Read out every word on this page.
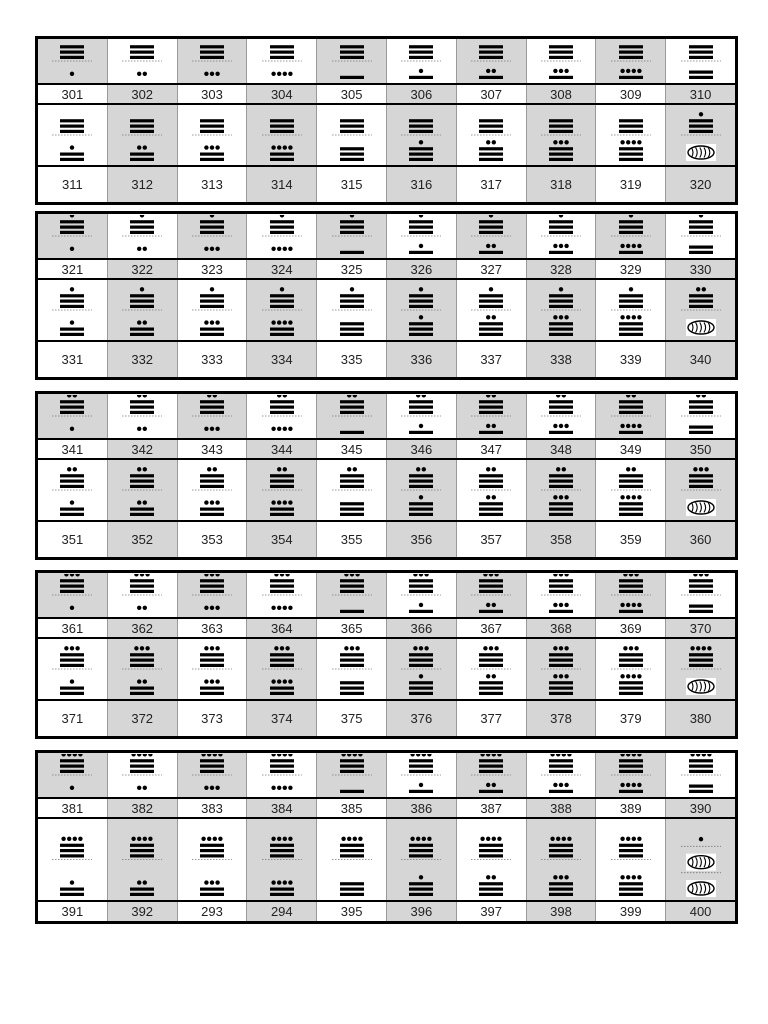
301	302	303	304	305	306	307	308	309	310
311	312	313	314	315	316	317	318	319	320
321	322	323	324	325	326	327	328	329	330
331	332	333	334	335	336	337	338	339	340
341	342	343	344	345	346	347	348	349	350
351	352	353	354	355	356	357	358	359	360
361	362	363	364	365	366	367	368	369	370
371	372	373	374	375	376	377	378	379	380
381	382	383	384	385	386	387	388	389	390
391	392	293	294	395	396	397	398	399	400
